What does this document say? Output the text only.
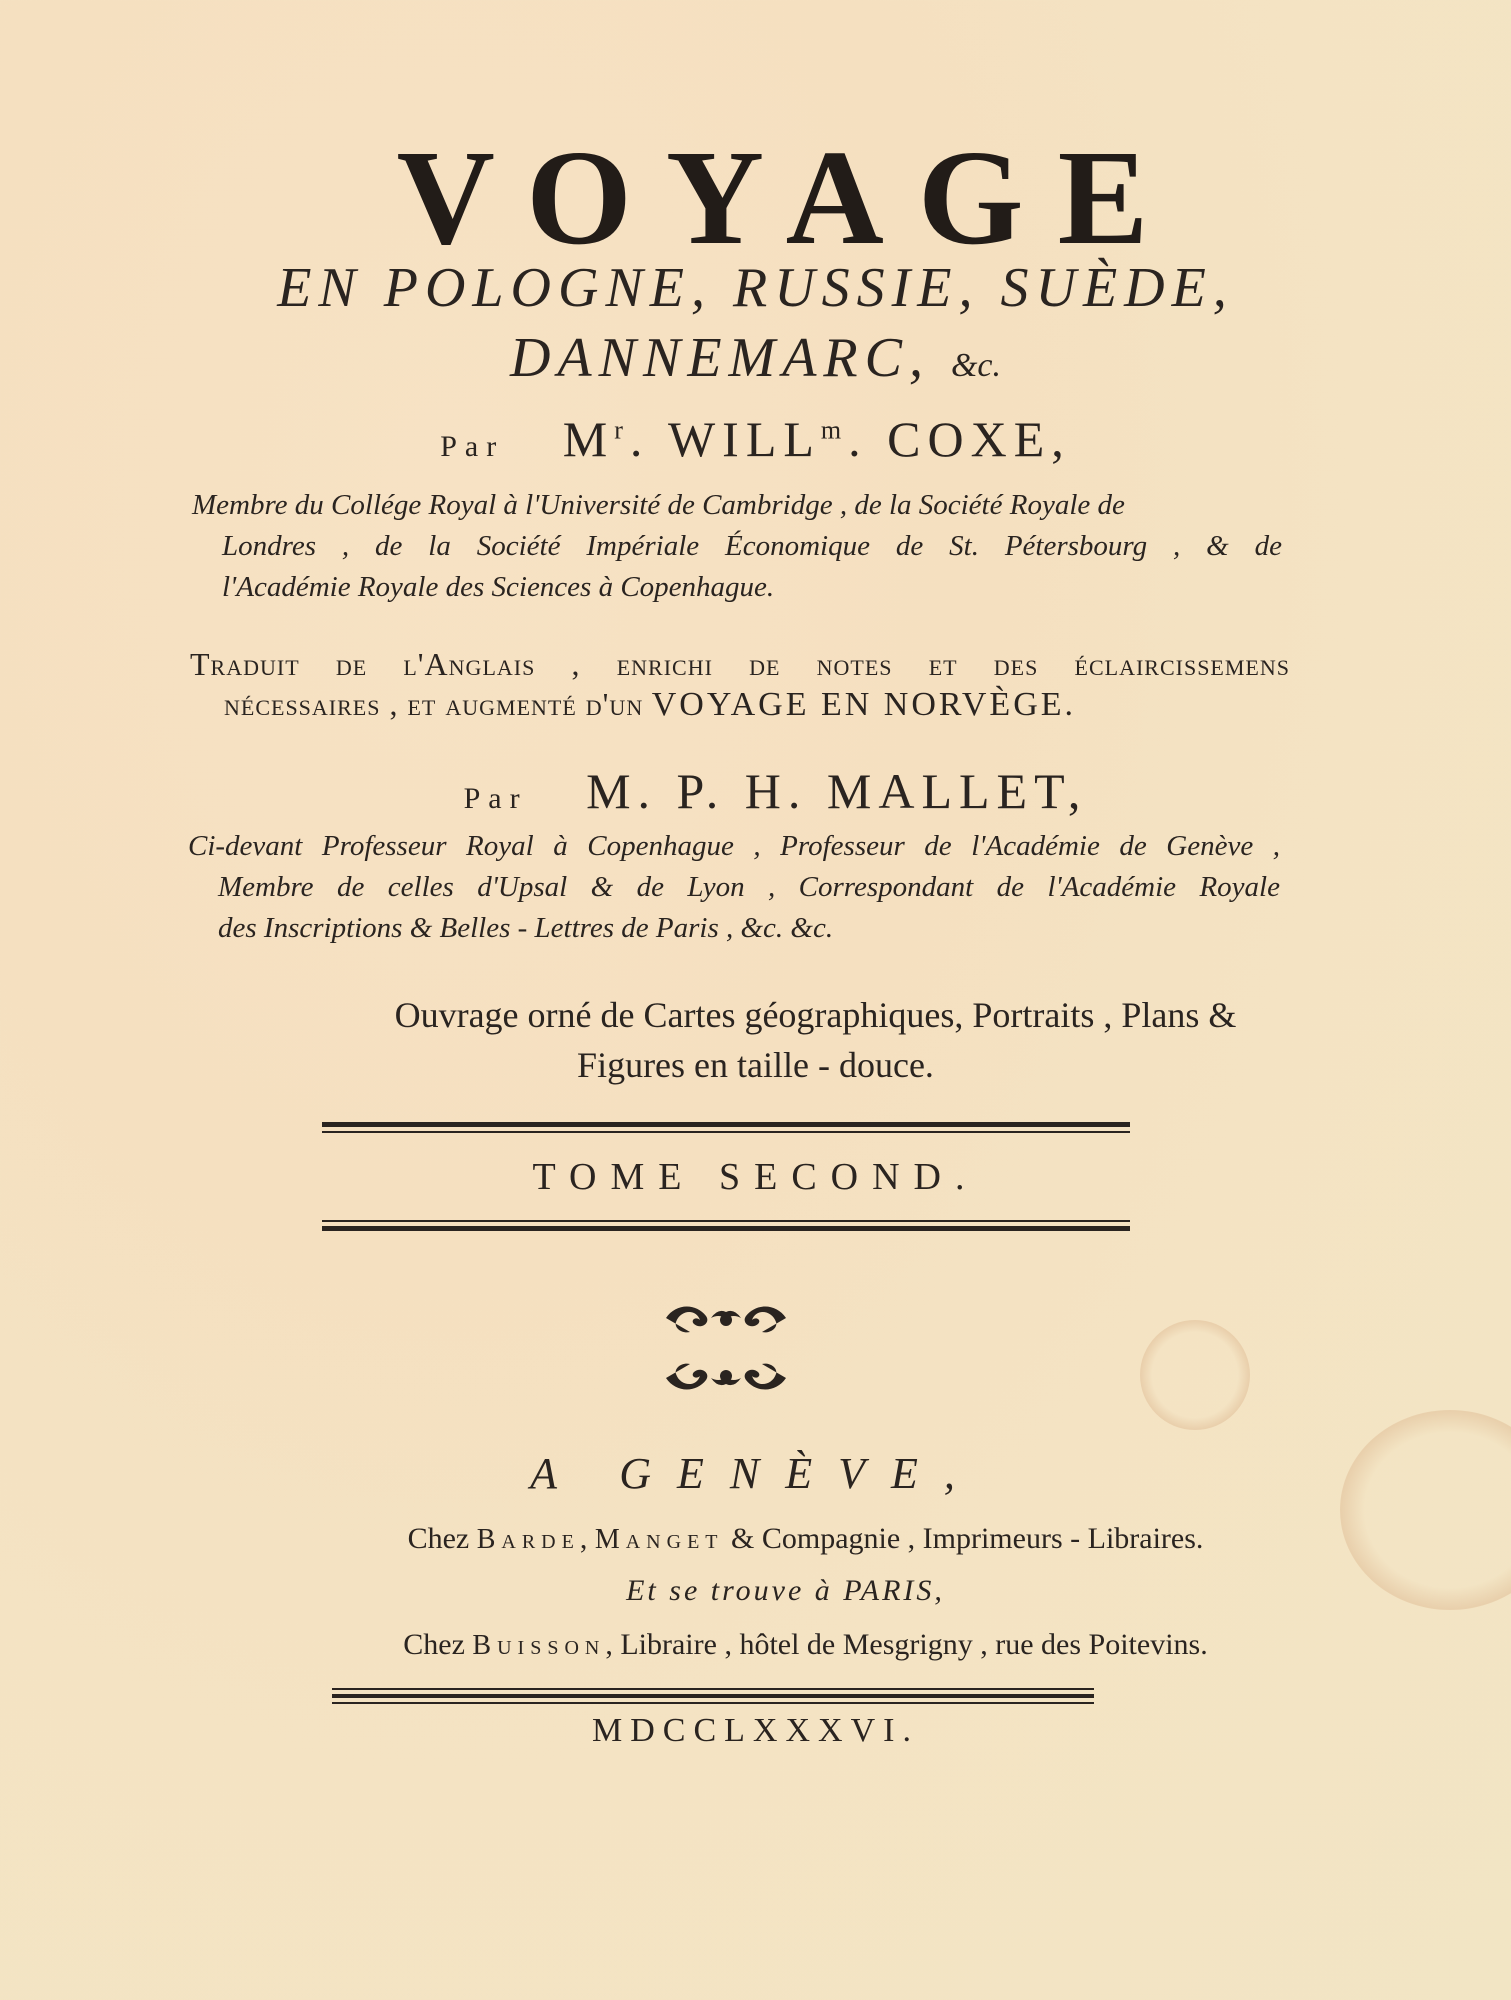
VOYAGE
EN POLOGNE, RUSSIE, SUÈDE,
DANNEMARC, &c.
Par $M^r$. WILL$^m$. COXE,

Membre du Collége Royal à l'Université de Cambridge , de la Société Royale de

Londres , de la Société Impériale Économique de St. Pétersbourg , & de

l'Académie Royale des Sciences à Copenhague.

Traduit de l'Anglais , enrichi de notes et des éclaircissemens
nécessaires , et augmenté d'un VOYAGE EN NORVÈGE.
Par M. P. H. MALLET,

Ci-devant Professeur Royal à Copenhague , Professeur de l'Académie de Genève ,

Membre de celles d'Upsal & de Lyon , Correspondant de l'Académie Royale

des Inscriptions & Belles - Lettres de Paris , &c. &c.

Ouvrage orné de Cartes géographiques, Portraits , Plans &
Figures en taille - douce.
TOME SECOND.
A GENÈVE,
Chez Barde, Manget & Compagnie , Imprimeurs - Libraires.
Et se trouve à PARIS,
Chez Buisson, Libraire , hôtel de Mesgrigny , rue des Poitevins.
MDCCLXXXVI.
